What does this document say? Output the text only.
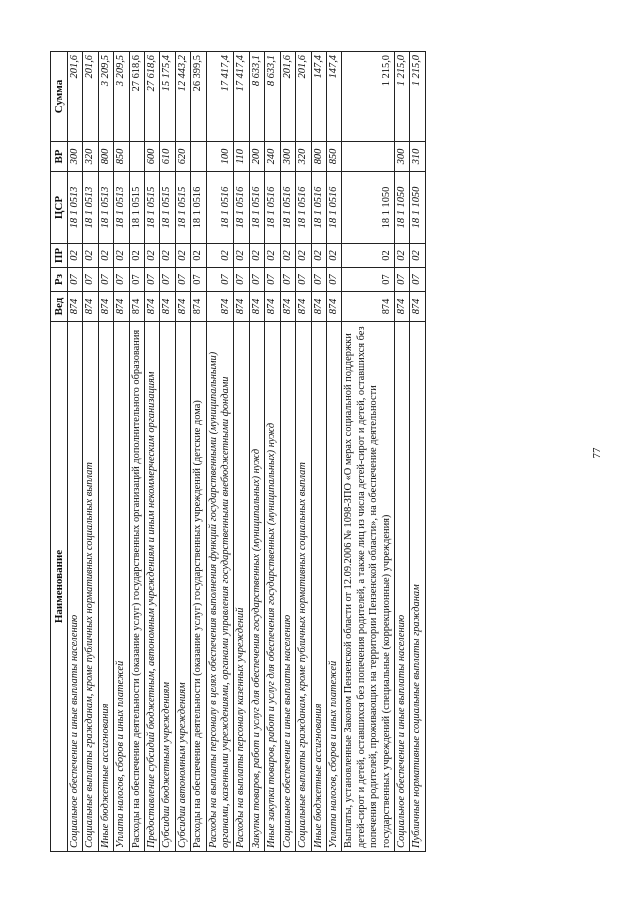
77
Наименование	Вед	Рз	ПР	ЦСР	ВР	Сумма
Социальное обеспечение и иные выплаты населению	874	07	02	18 1 0513	300	201,6
Социальные выплаты гражданам, кроме публичных нормативных социальных выплат	874	07	02	18 1 0513	320	201,6
Иные бюджетные ассигнования	874	07	02	18 1 0513	800	3 209,5
Уплата налогов, сборов и иных платежей	874	07	02	18 1 0513	850	3 209,5
Расходы на обеспечение деятельности (оказание услуг) государственных организаций дополнительного образования	874	07	02	18 1 0515		27 618,6
Предоставление субсидий бюджетным, автономным учреждениям и иным некоммерческим организациям	874	07	02	18 1 0515	600	27 618,6
Субсидии бюджетным учреждениям	874	07	02	18 1 0515	610	15 175,4
Субсидии автономным учреждениям	874	07	02	18 1 0515	620	12 443,2
Расходы на обеспечение деятельности (оказание услуг) государственных учреждений (детские дома)	874	07	02	18 1 0516		26 399,5
Расходы на выплаты персоналу в целях обеспечения выполнения функций государственными (муниципальными) органами, казенными учреждениями, органами управления государственными внебюджетными фондами	874	07	02	18 1 0516	100	17 417,4
Расходы на выплаты персоналу казенных учреждений	874	07	02	18 1 0516	110	17 417,4
Закупка товаров, работ и услуг для обеспечения государственных (муниципальных) нужд	874	07	02	18 1 0516	200	8 633,1
Иные закупки товаров, работ и услуг для обеспечения государственных (муниципальных) нужд	874	07	02	18 1 0516	240	8 633,1
Социальное обеспечение и иные выплаты населению	874	07	02	18 1 0516	300	201,6
Социальные выплаты гражданам, кроме публичных нормативных социальных выплат	874	07	02	18 1 0516	320	201,6
Иные бюджетные ассигнования	874	07	02	18 1 0516	800	147,4
Уплата налогов, сборов и иных платежей	874	07	02	18 1 0516	850	147,4
Выплаты, установленные Законом Пензенской области от 12.09.2006 № 1098-ЗПО «О мерах социальной поддержки детей-сирот и детей, оставшихся без попечения родителей, а также лиц из числа детей-сирот и детей, оставшихся без попечения родителей, проживающих на территории Пензенской области», на обеспечение деятельности государственных учреждений (специальные (коррекционные) учреждения)	874	07	02	18 1 1050		1 215,0
Социальное обеспечение и иные выплаты населению	874	07	02	18 1 1050	300	1 215,0
Публичные нормативные социальные выплаты гражданам	874	07	02	18 1 1050	310	1 215,0
